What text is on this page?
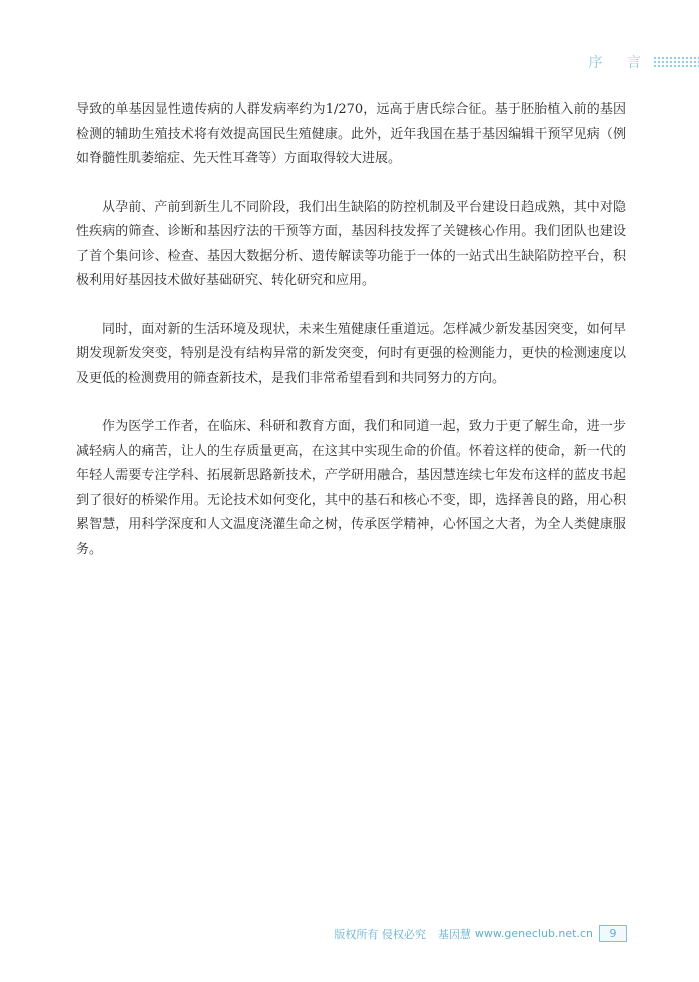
序 言

导致的单基因显性遗传病的人群发病率约为1/270，远高于唐氏综合征。基于胚胎植入前的基因检测的辅助生殖技术将有效提高国民生殖健康。此外，近年我国在基于基因编辑干预罕见病（例如脊髓性肌萎缩症、先天性耳聋等）方面取得较大进展。

从孕前、产前到新生儿不同阶段，我们出生缺陷的防控机制及平台建设日趋成熟，其中对隐性疾病的筛查、诊断和基因疗法的干预等方面，基因科技发挥了关键核心作用。我们团队也建设了首个集问诊、检查、基因大数据分析、遗传解读等功能于一体的一站式出生缺陷防控平台，积极利用好基因技术做好基础研究、转化研究和应用。

同时，面对新的生活环境及现状，未来生殖健康任重道远。怎样减少新发基因突变，如何早期发现新发突变，特别是没有结构异常的新发突变，何时有更强的检测能力，更快的检测速度以及更低的检测费用的筛查新技术，是我们非常希望看到和共同努力的方向。

作为医学工作者，在临床、科研和教育方面，我们和同道一起，致力于更了解生命，进一步减轻病人的痛苦，让人的生存质量更高，在这其中实现生命的价值。怀着这样的使命，新一代的年轻人需要专注学科、拓展新思路新技术，产学研用融合，基因慧连续七年发布这样的蓝皮书起到了很好的桥梁作用。无论技术如何变化，其中的基石和核心不变，即，选择善良的路，用心积累智慧，用科学深度和人文温度浇灌生命之树，传承医学精神，心怀国之大者，为全人类健康服务。

版权所有 侵权必究 基因慧 www.geneclub.net.cn	9
